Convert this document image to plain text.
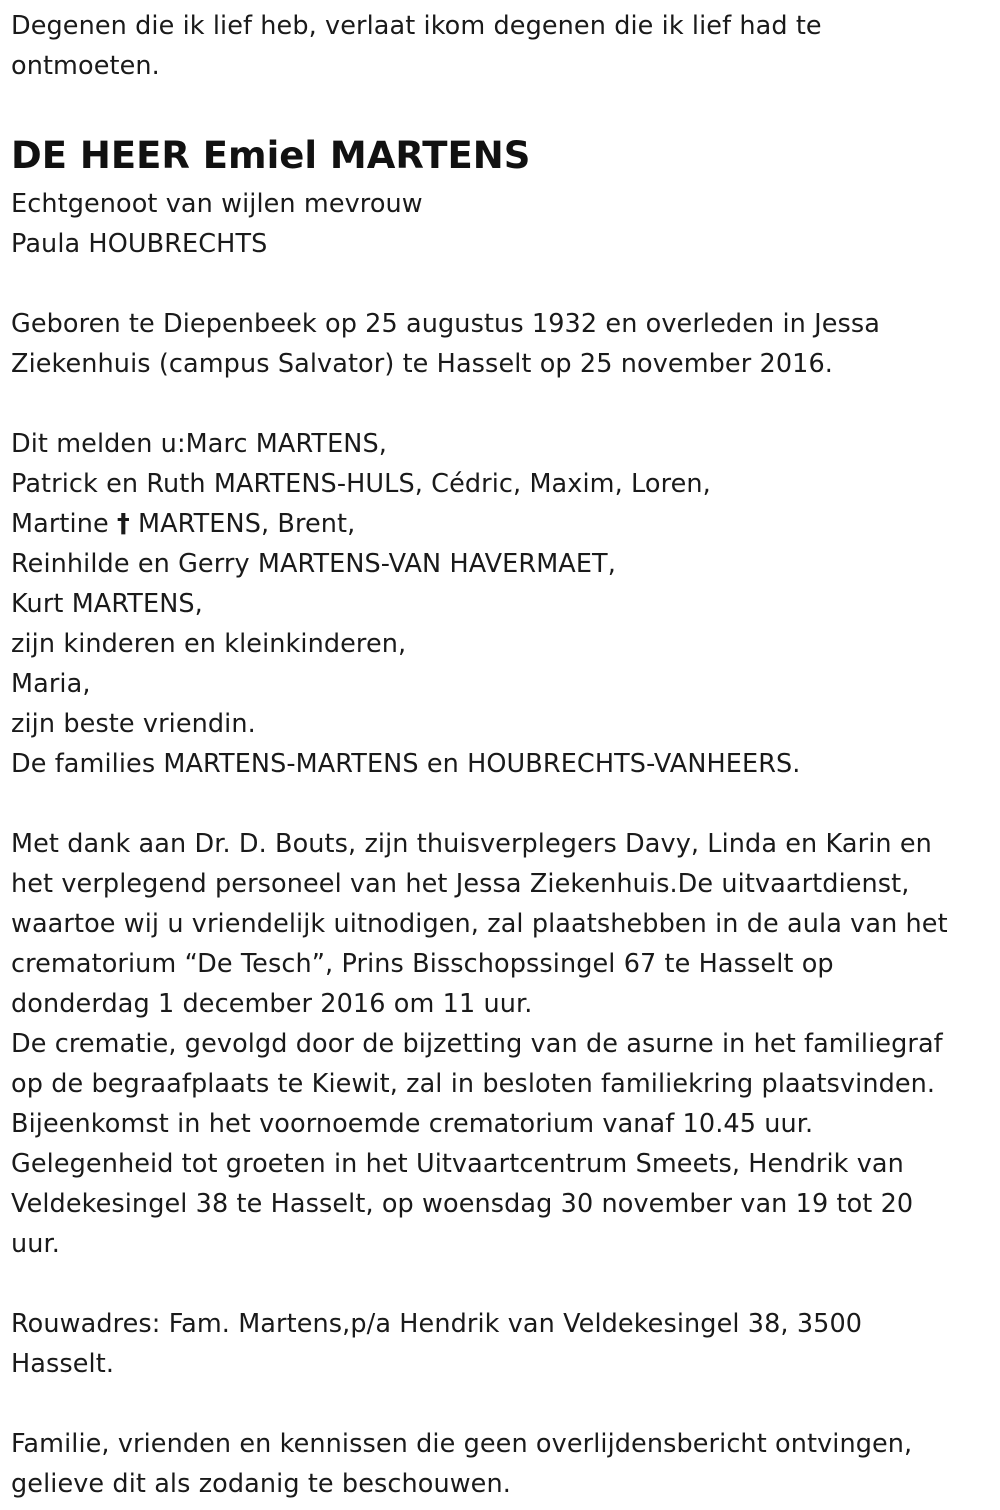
Degenen die ik lief heb, verlaat ikom degenen die ik lief had te
ontmoeten.
DE HEER Emiel MARTENS
Echtgenoot van wijlen mevrouw
Paula HOUBRECHTS
Geboren te Diepenbeek op 25 augustus 1932 en overleden in Jessa
Ziekenhuis (campus Salvator) te Hasselt op 25 november 2016.
Dit melden u:Marc MARTENS,
Patrick en Ruth MARTENS-HULS, Cédric, Maxim, Loren,
Martine † MARTENS, Brent,
Reinhilde en Gerry MARTENS-VAN HAVERMAET,
Kurt MARTENS,
zijn kinderen en kleinkinderen,
Maria,
zijn beste vriendin.
De families MARTENS-MARTENS en HOUBRECHTS-VANHEERS.
Met dank aan Dr. D. Bouts, zijn thuisverplegers Davy, Linda en Karin en
het verplegend personeel van het Jessa Ziekenhuis.De uitvaartdienst,
waartoe wij u vriendelijk uitnodigen, zal plaatshebben in de aula van het
crematorium “De Tesch”, Prins Bisschopssingel 67 te Hasselt op
donderdag 1 december 2016 om 11 uur.
De crematie, gevolgd door de bijzetting van de asurne in het familiegraf
op de begraafplaats te Kiewit, zal in besloten familiekring plaatsvinden.
Bijeenkomst in het voornoemde crematorium vanaf 10.45 uur.
Gelegenheid tot groeten in het Uitvaartcentrum Smeets, Hendrik van
Veldekesingel 38 te Hasselt, op woensdag 30 november van 19 tot 20
uur.
Rouwadres: Fam. Martens,p/a Hendrik van Veldekesingel 38, 3500
Hasselt.
Familie, vrienden en kennissen die geen overlijdensbericht ontvingen,
gelieve dit als zodanig te beschouwen.
